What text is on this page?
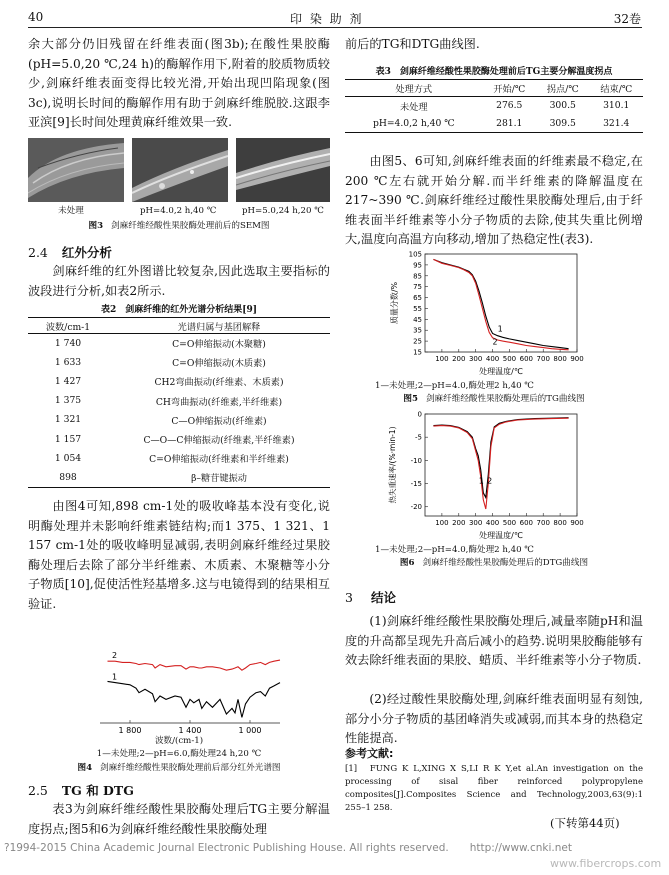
40	印 染 助 剂	32卷

余大部分仍旧残留在纤维表面(图3b);在酸性果胶酶(pH=5.0,20 ℃,24 h)的酶解作用下,附着的胶质物质较少,剑麻纤维表面变得比较光滑,开始出现凹陷现象(图3c),说明长时间的酶解作用有助于剑麻纤维脱胶.这跟李亚滨[9]长时间处理黄麻纤维效果一致.

未处理	pH=4.0,2 h,40 ℃	pH=5.0,24 h,20 ℃
图3 剑麻纤维经酸性果胶酶处理前后的SEM图
2.4 红外分析

剑麻纤维的红外图谱比较复杂,因此选取主要指标的波段进行分析,如表2所示.

表2　剑麻纤维的红外光谱分析结果[9]
波数/cm-1	光谱归属与基团解释
1 740	C=O伸缩振动(木聚糖)
1 633	C=O伸缩振动(木质素)
1 427	CH2弯曲振动(纤维素、木质素)
1 375	CH弯曲振动(纤维素,半纤维素)
1 321	C—O伸缩振动(纤维素)
1 157	C—O—C伸缩振动(纤维素,半纤维素)
1 054	C=O伸缩振动(纤维素和半纤维素)
898	β–糖苷键振动

由图4可知,898 cm-1处的吸收峰基本没有变化,说明酶处理并未影响纤维素链结构;而1 375、1 321、1 157 cm-1处的吸收峰明显减弱,表明剑麻纤维经过果胶酶处理后去除了部分半纤维素、木质素、木聚糖等小分子物质[10],促使活性羟基增多.这与电镜得到的结果相互验证.

1 800	1 400	1 000
2
1
波数/(cm-1)
1—未处理;2—pH=6.0,酶处理24 h,20 ℃
图4 剑麻纤维经酸性果胶酶处理前后部分红外光谱图
2.5 TG 和 DTG

表3为剑麻纤维经酸性果胶酶处理后TG主要分解温度拐点;图5和6为剑麻纤维经酸性果胶酶处理

前后的TG和DTG曲线图.

表3　剑麻纤维经酸性果胶酶处理前后TG主要分解温度拐点
处理方式	开始/℃	拐点/℃	结束/℃
未处理	276.5	300.5	310.1
pH=4.0,2 h,40 ℃	281.1	309.5	321.4

由图5、6可知,剑麻纤维表面的纤维素最不稳定,在200 ℃左右就开始分解.而半纤维素的降解温度在217~390 ℃.剑麻纤维经过酸性果胶酶处理后,由于纤维表面半纤维素等小分子物质的去除,使其失重比例增大,温度向高温方向移动,增加了热稳定性(表3).

100 200 300 400 500 600 700 800 900
15
25
35
45
55
65
75
85
95
105
质量分数/%
处理温度/℃
1
2
1—未处理;2—pH=4.0,酶处理2 h,40 ℃
图5 剑麻纤维经酸性果胶酶处理后的TG曲线图
100 200 300 400 500 600 700 800 900
0
-5
-10
-15
-20
热失重速率/(%·min-1)
处理温度/℃
1 2
1—未处理;2—pH=4.0,酶处理2 h,40 ℃
图6 剑麻纤维经酸性果胶酶处理后的DTG曲线图
3 结论

(1)剑麻纤维经酸性果胶酶处理后,减量率随pH和温度的升高都呈现先升高后减小的趋势.说明果胶酶能够有效去除纤维表面的果胶、蜡质、半纤维素等小分子物质.

(2)经过酸性果胶酶处理,剑麻纤维表面明显有刻蚀,部分小分子物质的基团峰消失或减弱,而其本身的热稳定性能提高.

参考文献:

[1]　FUNG K L,XING X S,LI R K Y,et al.An investigation on the processing of sisal fiber reinforced polypropylene composites[J].Composites Science and Technology,2003,63(9):1 255–1 258.

(下转第44页)
?1994-2015 China Academic Journal Electronic Publishing House. All rights reserved.　　http://www.cnki.net
www.fibercrops.com
